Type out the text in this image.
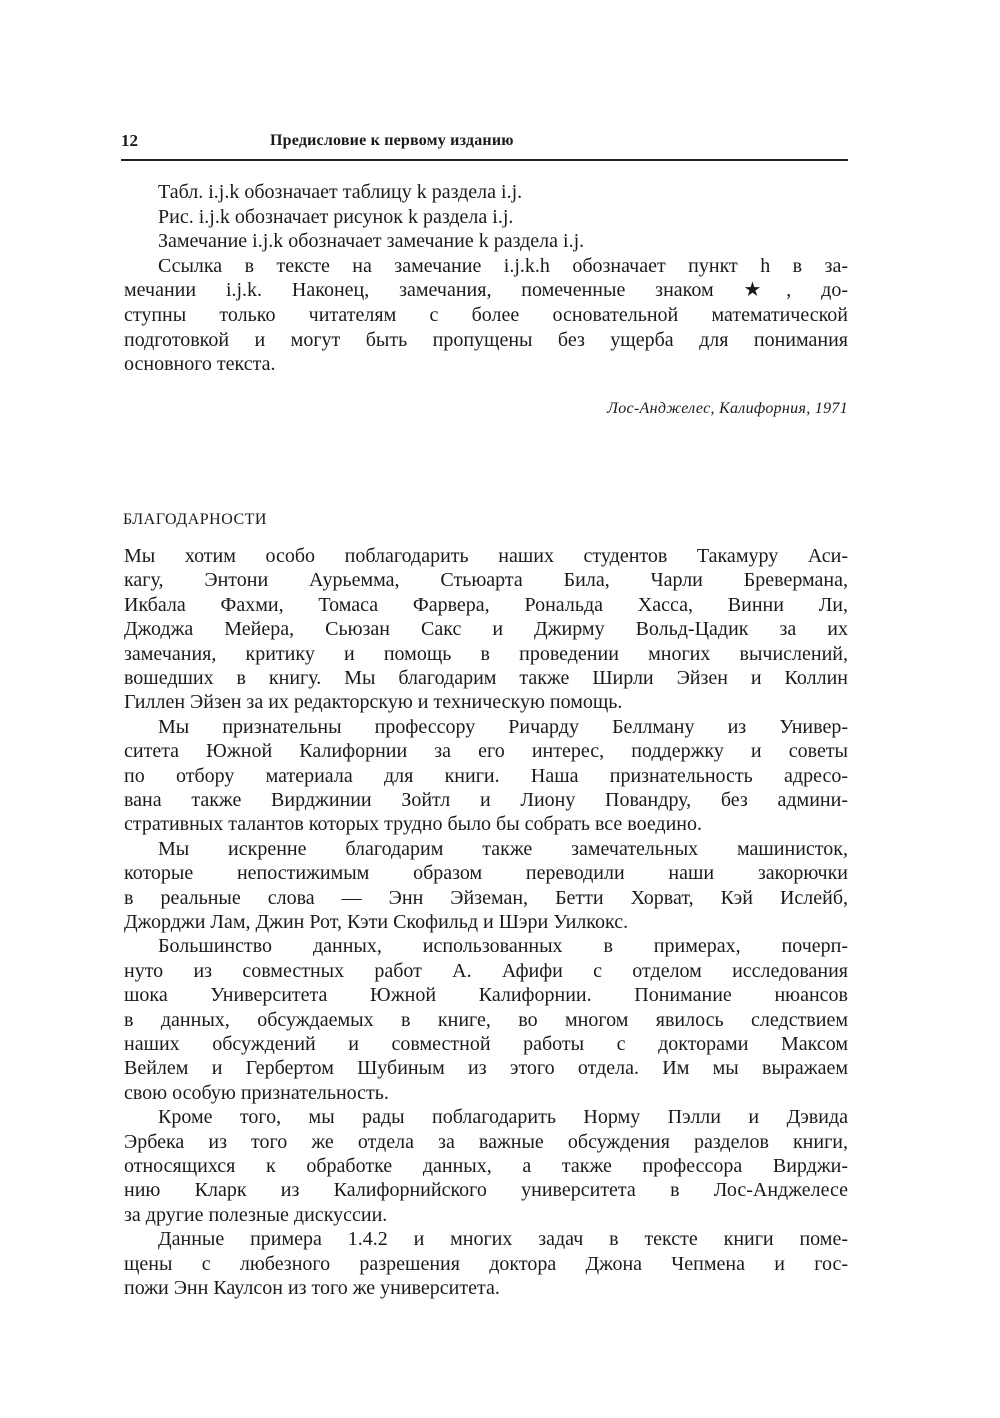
12	Предисловие к первому изданию
Табл. i.j.k обозначает таблицу k раздела i.j.
Рис. i.j.k обозначает рисунок k раздела i.j.
Замечание i.j.k обозначает замечание k раздела i.j.
Ссылка в тексте на замечание i.j.k.h обозначает пункт h в за-
мечании i.j.k. Наконец, замечания, помеченные знаком ★, до-
ступны только читателям с более основательной математической
подготовкой и могут быть пропущены без ущерба для понимания
основного текста.
Лос-Анджелес, Калифорния, 1971
БЛАГОДАРНОСТИ
Мы хотим особо поблагодарить наших студентов Такамуру Аси-
кагу, Энтони Аурьемма, Стьюарта Била, Чарли Бревермана,
Икбала Фахми, Томаса Фарвера, Рональда Хасса, Винни Ли,
Джоджа Мейера, Сьюзан Сакс и Джирму Вольд-Цадик за их
замечания, критику и помощь в проведении многих вычислений,
вошедших в книгу. Мы благодарим также Ширли Эйзен и Коллин
Гиллен Эйзен за их редакторскую и техническую помощь.
Мы признательны профессору Ричарду Беллману из Универ-
ситета Южной Калифорнии за его интерес, поддержку и советы
по отбору материала для книги. Наша признательность адресо-
вана также Вирджинии Зойтл и Лиону Повандру, без админи-
стративных талантов которых трудно было бы собрать все воедино.
Мы искренне благодарим также замечательных машинисток,
которые непостижимым образом переводили наши закорючки
в реальные слова — Энн Эйземан, Бетти Хорват, Кэй Ислейб,
Джорджи Лам, Джин Рот, Кэти Скофильд и Шэри Уилкокс.
Большинство данных, использованных в примерах, почерп-
нуто из совместных работ А. Афифи с отделом исследования
шока Университета Южной Калифорнии. Понимание нюансов
в данных, обсуждаемых в книге, во многом явилось следствием
наших обсуждений и совместной работы с докторами Максом
Вейлем и Гербертом Шубиным из этого отдела. Им мы выражаем
свою особую признательность.
Кроме того, мы рады поблагодарить Норму Пэлли и Дэвида
Эрбека из того же отдела за важные обсуждения разделов книги,
относящихся к обработке данных, а также профессора Вирджи-
нию Кларк из Калифорнийского университета в Лос-Анджелесе
за другие полезные дискуссии.
Данные примера 1.4.2 и многих задач в тексте книги поме-
щены с любезного разрешения доктора Джона Чепмена и гос-
пожи Энн Каулсон из того же университета.
